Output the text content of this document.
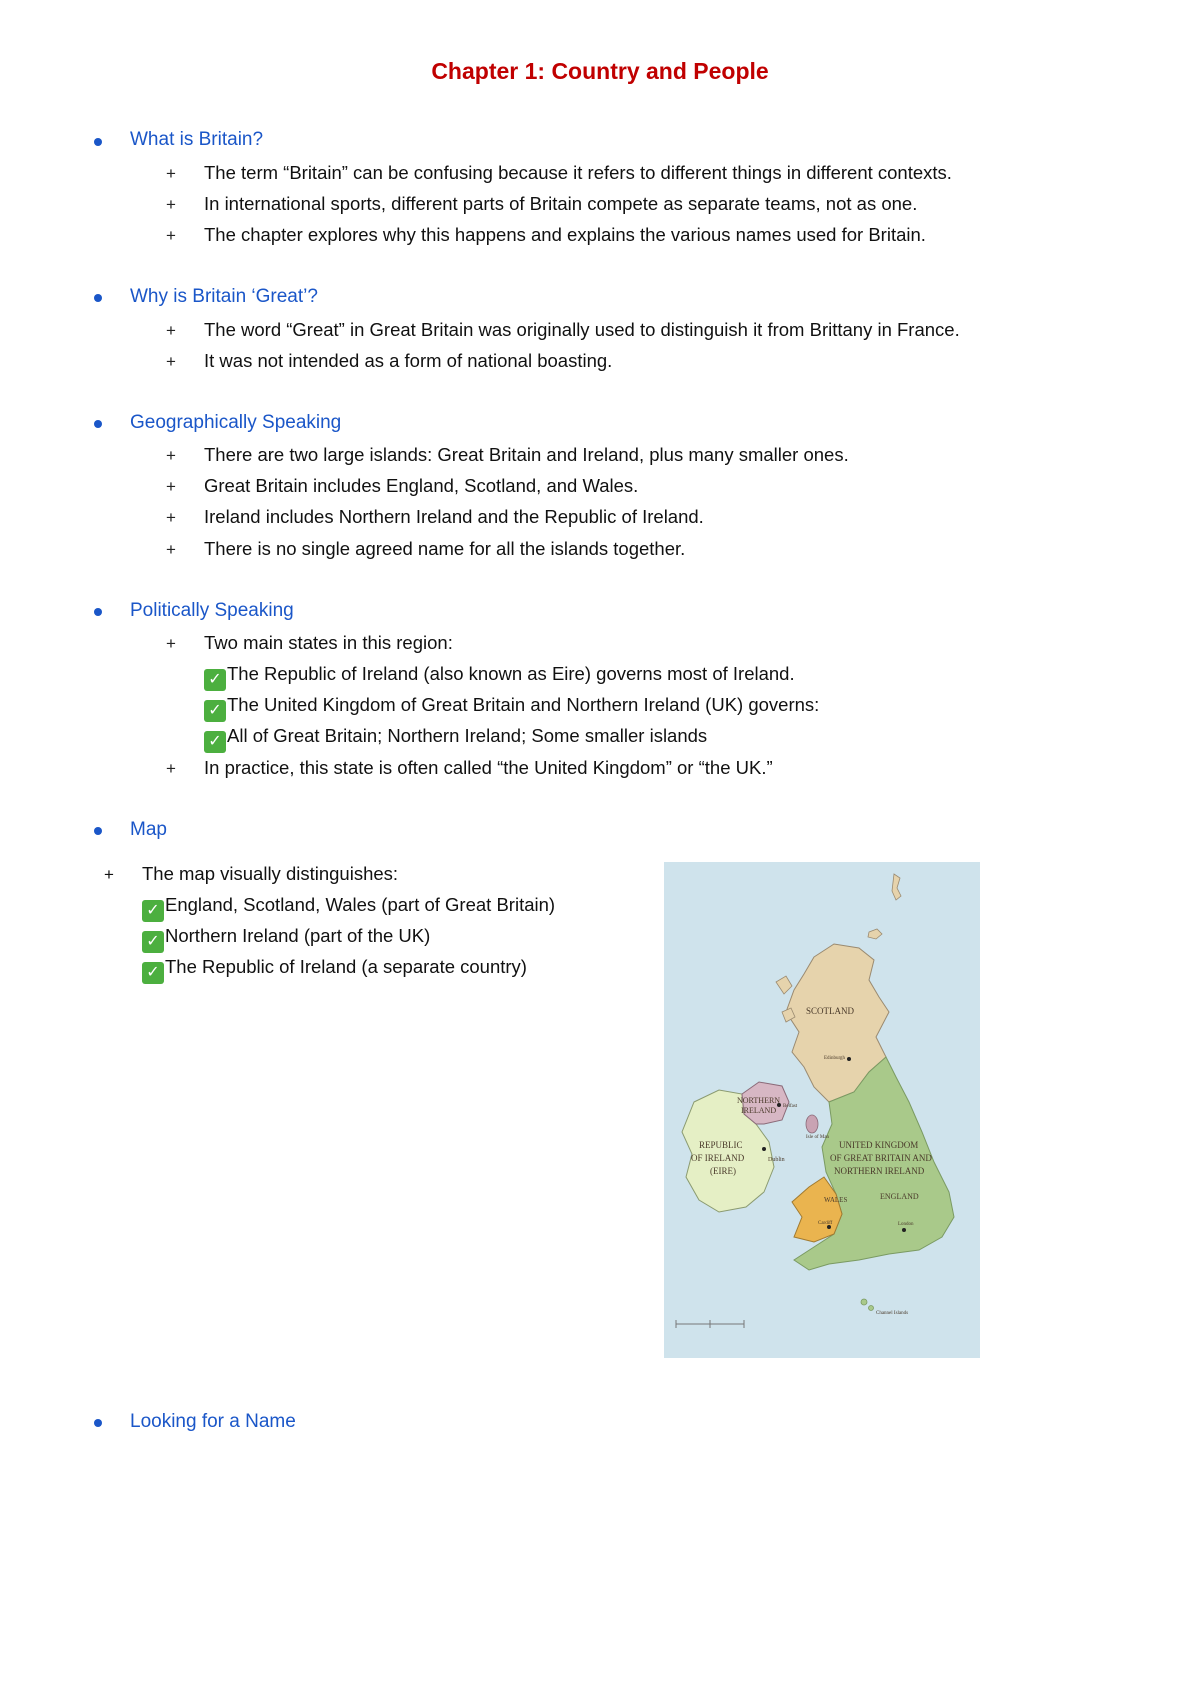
Chapter 1: Country and People
What is Britain?
+ The term “Britain” can be confusing because it refers to different things in different contexts.
+ In international sports, different parts of Britain compete as separate teams, not as one.
+ The chapter explores why this happens and explains the various names used for Britain.
Why is Britain ‘Great’?
+ The word “Great” in Great Britain was originally used to distinguish it from Brittany in France.
+ It was not intended as a form of national boasting.
Geographically Speaking
+ There are two large islands: Great Britain and Ireland, plus many smaller ones.
+ Great Britain includes England, Scotland, and Wales.
+ Ireland includes Northern Ireland and the Republic of Ireland.
+ There is no single agreed name for all the islands together.
Politically Speaking
+ Two main states in this region:
✓ The Republic of Ireland (also known as Eire) governs most of Ireland.
✓ The United Kingdom of Great Britain and Northern Ireland (UK) governs:
✓ All of Great Britain; Northern Ireland; Some smaller islands
+ In practice, this state is often called “the United Kingdom” or “the UK.”
Map
+ The map visually distinguishes:
✓ England, Scotland, Wales (part of Great Britain)
✓ Northern Ireland (part of the UK)
✓ The Republic of Ireland (a separate country)
SCOTLAND
Edinburgh
NORTHERN
IRELAND Belfast
Isle of Man
REPUBLIC
OF IRELAND
(EIRE)
Dublin
UNITED KINGDOM
OF GREAT BRITAIN AND
NORTHERN IRELAND
ENGLAND
WALES
Cardiff	London
Channel Islands
Looking for a Name
